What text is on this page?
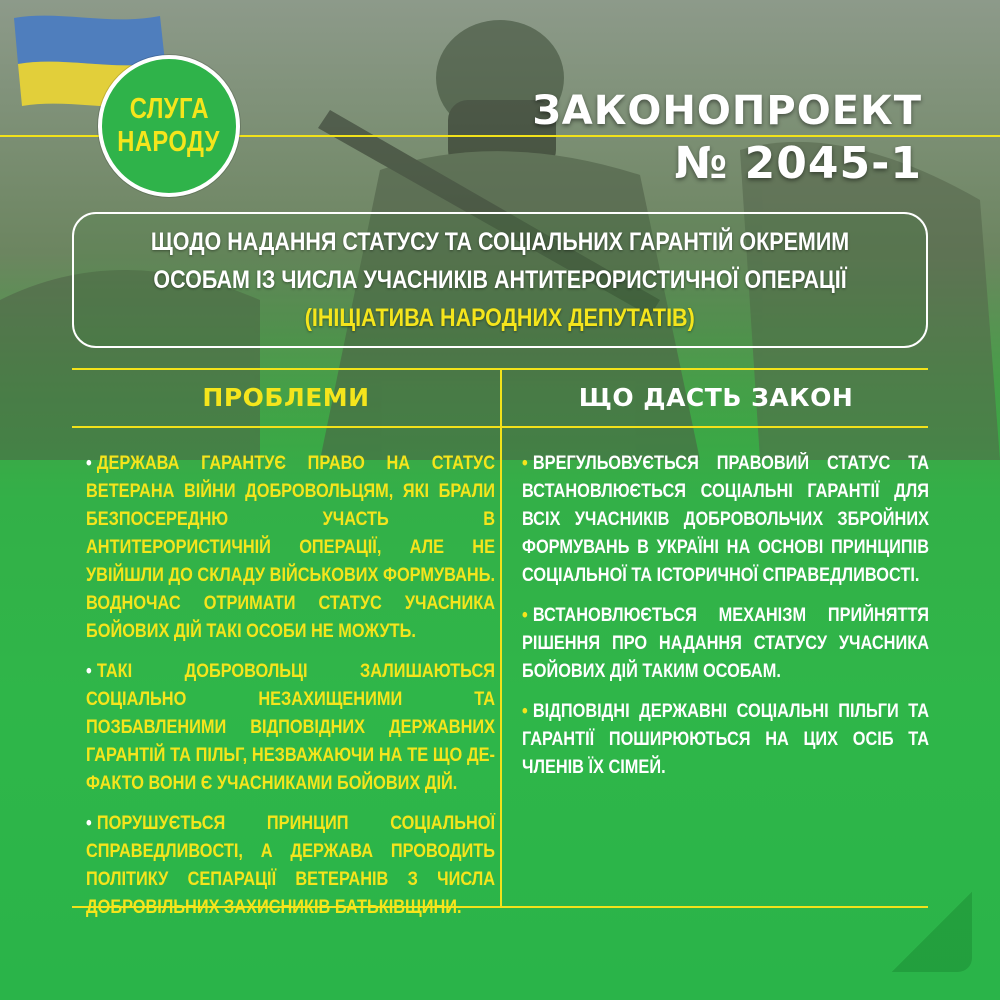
СЛУГА
НАРОДУ
ЗАКОНОПРОЕКТ
№ 2045-1
ЩОДО НАДАННЯ СТАТУСУ ТА СОЦІАЛЬНИХ ГАРАНТІЙ ОКРЕМИМ
ОСОБАМ ІЗ ЧИСЛА УЧАСНИКІВ АНТИТЕРОРИСТИЧНОЇ ОПЕРАЦІЇ
(ІНІЦІАТИВА НАРОДНИХ ДЕПУТАТІВ)
ПРОБЛЕМИ	ЩО ДАСТЬ ЗАКОН
• ДЕРЖАВА ГАРАНТУЄ ПРАВО НА СТАТУС ВЕТЕРАНА ВІЙНИ ДОБРОВОЛЬЦЯМ, ЯКІ БРАЛИ БЕЗПОСЕРЕДНЮ УЧАСТЬ В АНТИТЕРОРИСТИЧНІЙ ОПЕРАЦІЇ, АЛЕ НЕ УВІЙШЛИ ДО СКЛАДУ ВІЙСЬКОВИХ ФОРМУВАНЬ. ВОДНОЧАС ОТРИМАТИ СТАТУС УЧАСНИКА БОЙОВИХ ДІЙ ТАКІ ОСОБИ НЕ МОЖУТЬ.
• ТАКІ ДОБРОВОЛЬЦІ ЗАЛИШАЮТЬСЯ СОЦІАЛЬНО НЕЗАХИЩЕНИМИ ТА ПОЗБАВЛЕНИМИ ВІДПОВІДНИХ ДЕРЖАВНИХ ГАРАНТІЙ ТА ПІЛЬГ, НЕЗВАЖАЮЧИ НА ТЕ ЩО ДЕ-ФАКТО ВОНИ Є УЧАСНИКАМИ БОЙОВИХ ДІЙ.
• ПОРУШУЄТЬСЯ ПРИНЦИП СОЦІАЛЬНОЇ СПРАВЕДЛИВОСТІ, А ДЕРЖАВА ПРОВОДИТЬ ПОЛІТИКУ СЕПАРАЦІЇ ВЕТЕРАНІВ З ЧИСЛА ДОБРОВІЛЬНИХ ЗАХИСНИКІВ БАТЬКІВЩИНИ.
• ВРЕГУЛЬОВУЄТЬСЯ ПРАВОВИЙ СТАТУС ТА ВСТАНОВЛЮЄТЬСЯ СОЦІАЛЬНІ ГАРАНТІЇ ДЛЯ ВСІХ УЧАСНИКІВ ДОБРОВОЛЬЧИХ ЗБРОЙНИХ ФОРМУВАНЬ В УКРАЇНІ НА ОСНОВІ ПРИНЦИПІВ СОЦІАЛЬНОЇ ТА ІСТОРИЧНОЇ СПРАВЕДЛИВОСТІ.
• ВСТАНОВЛЮЄТЬСЯ МЕХАНІЗМ ПРИЙНЯТТЯ РІШЕННЯ ПРО НАДАННЯ СТАТУСУ УЧАСНИКА БОЙОВИХ ДІЙ ТАКИМ ОСОБАМ.
• ВІДПОВІДНІ ДЕРЖАВНІ СОЦІАЛЬНІ ПІЛЬГИ ТА ГАРАНТІЇ ПОШИРЮЮТЬСЯ НА ЦИХ ОСІБ ТА ЧЛЕНІВ ЇХ СІМЕЙ.
